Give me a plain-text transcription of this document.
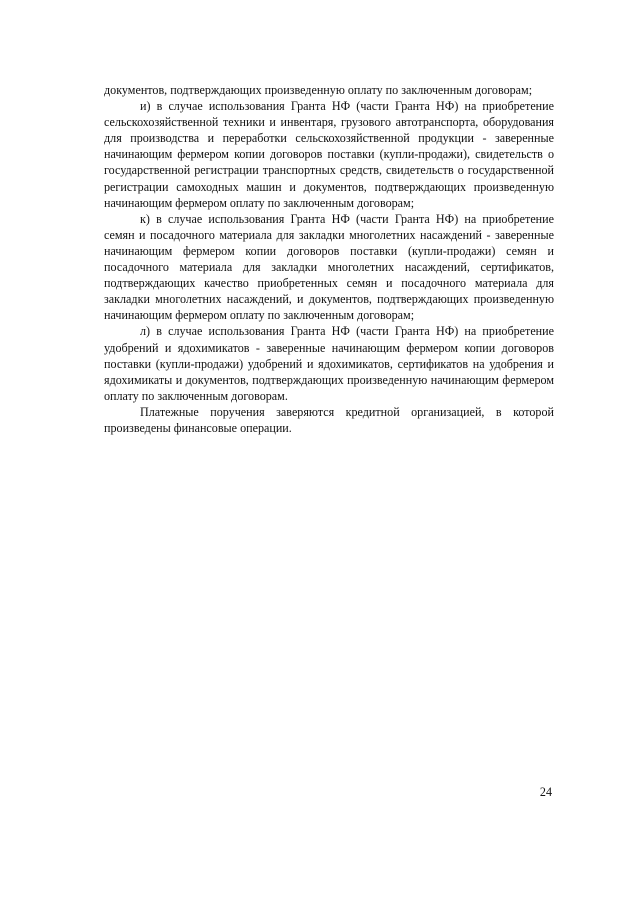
документов, подтверждающих произведенную оплату по заключенным договорам;

и) в случае использования Гранта НФ (части Гранта НФ) на приобретение сельскохозяйственной техники и инвентаря, грузового автотранспорта, оборудования для производства и переработки сельскохозяйственной продукции - заверенные начинающим фермером копии договоров поставки (купли-продажи), свидетельств о государственной регистрации транспортных средств, свидетельств о государственной регистрации самоходных машин и документов, подтверждающих произведенную начинающим фермером оплату по заключенным договорам;

к) в случае использования Гранта НФ (части Гранта НФ) на приобретение семян и посадочного материала для закладки многолетних насаждений - заверенные начинающим фермером копии договоров поставки (купли-продажи) семян и посадочного материала для закладки многолетних насаждений, сертификатов, подтверждающих качество приобретенных семян и посадочного материала для закладки многолетних насаждений, и документов, подтверждающих произведенную начинающим фермером оплату по заключенным договорам;

л) в случае использования Гранта НФ (части Гранта НФ) на приобретение удобрений и ядохимикатов - заверенные начинающим фермером копии договоров поставки (купли-продажи) удобрений и ядохимикатов, сертификатов на удобрения и ядохимикаты и документов, подтверждающих произведенную начинающим фермером оплату по заключенным договорам.

Платежные поручения заверяются кредитной организацией, в которой произведены финансовые операции.

24
